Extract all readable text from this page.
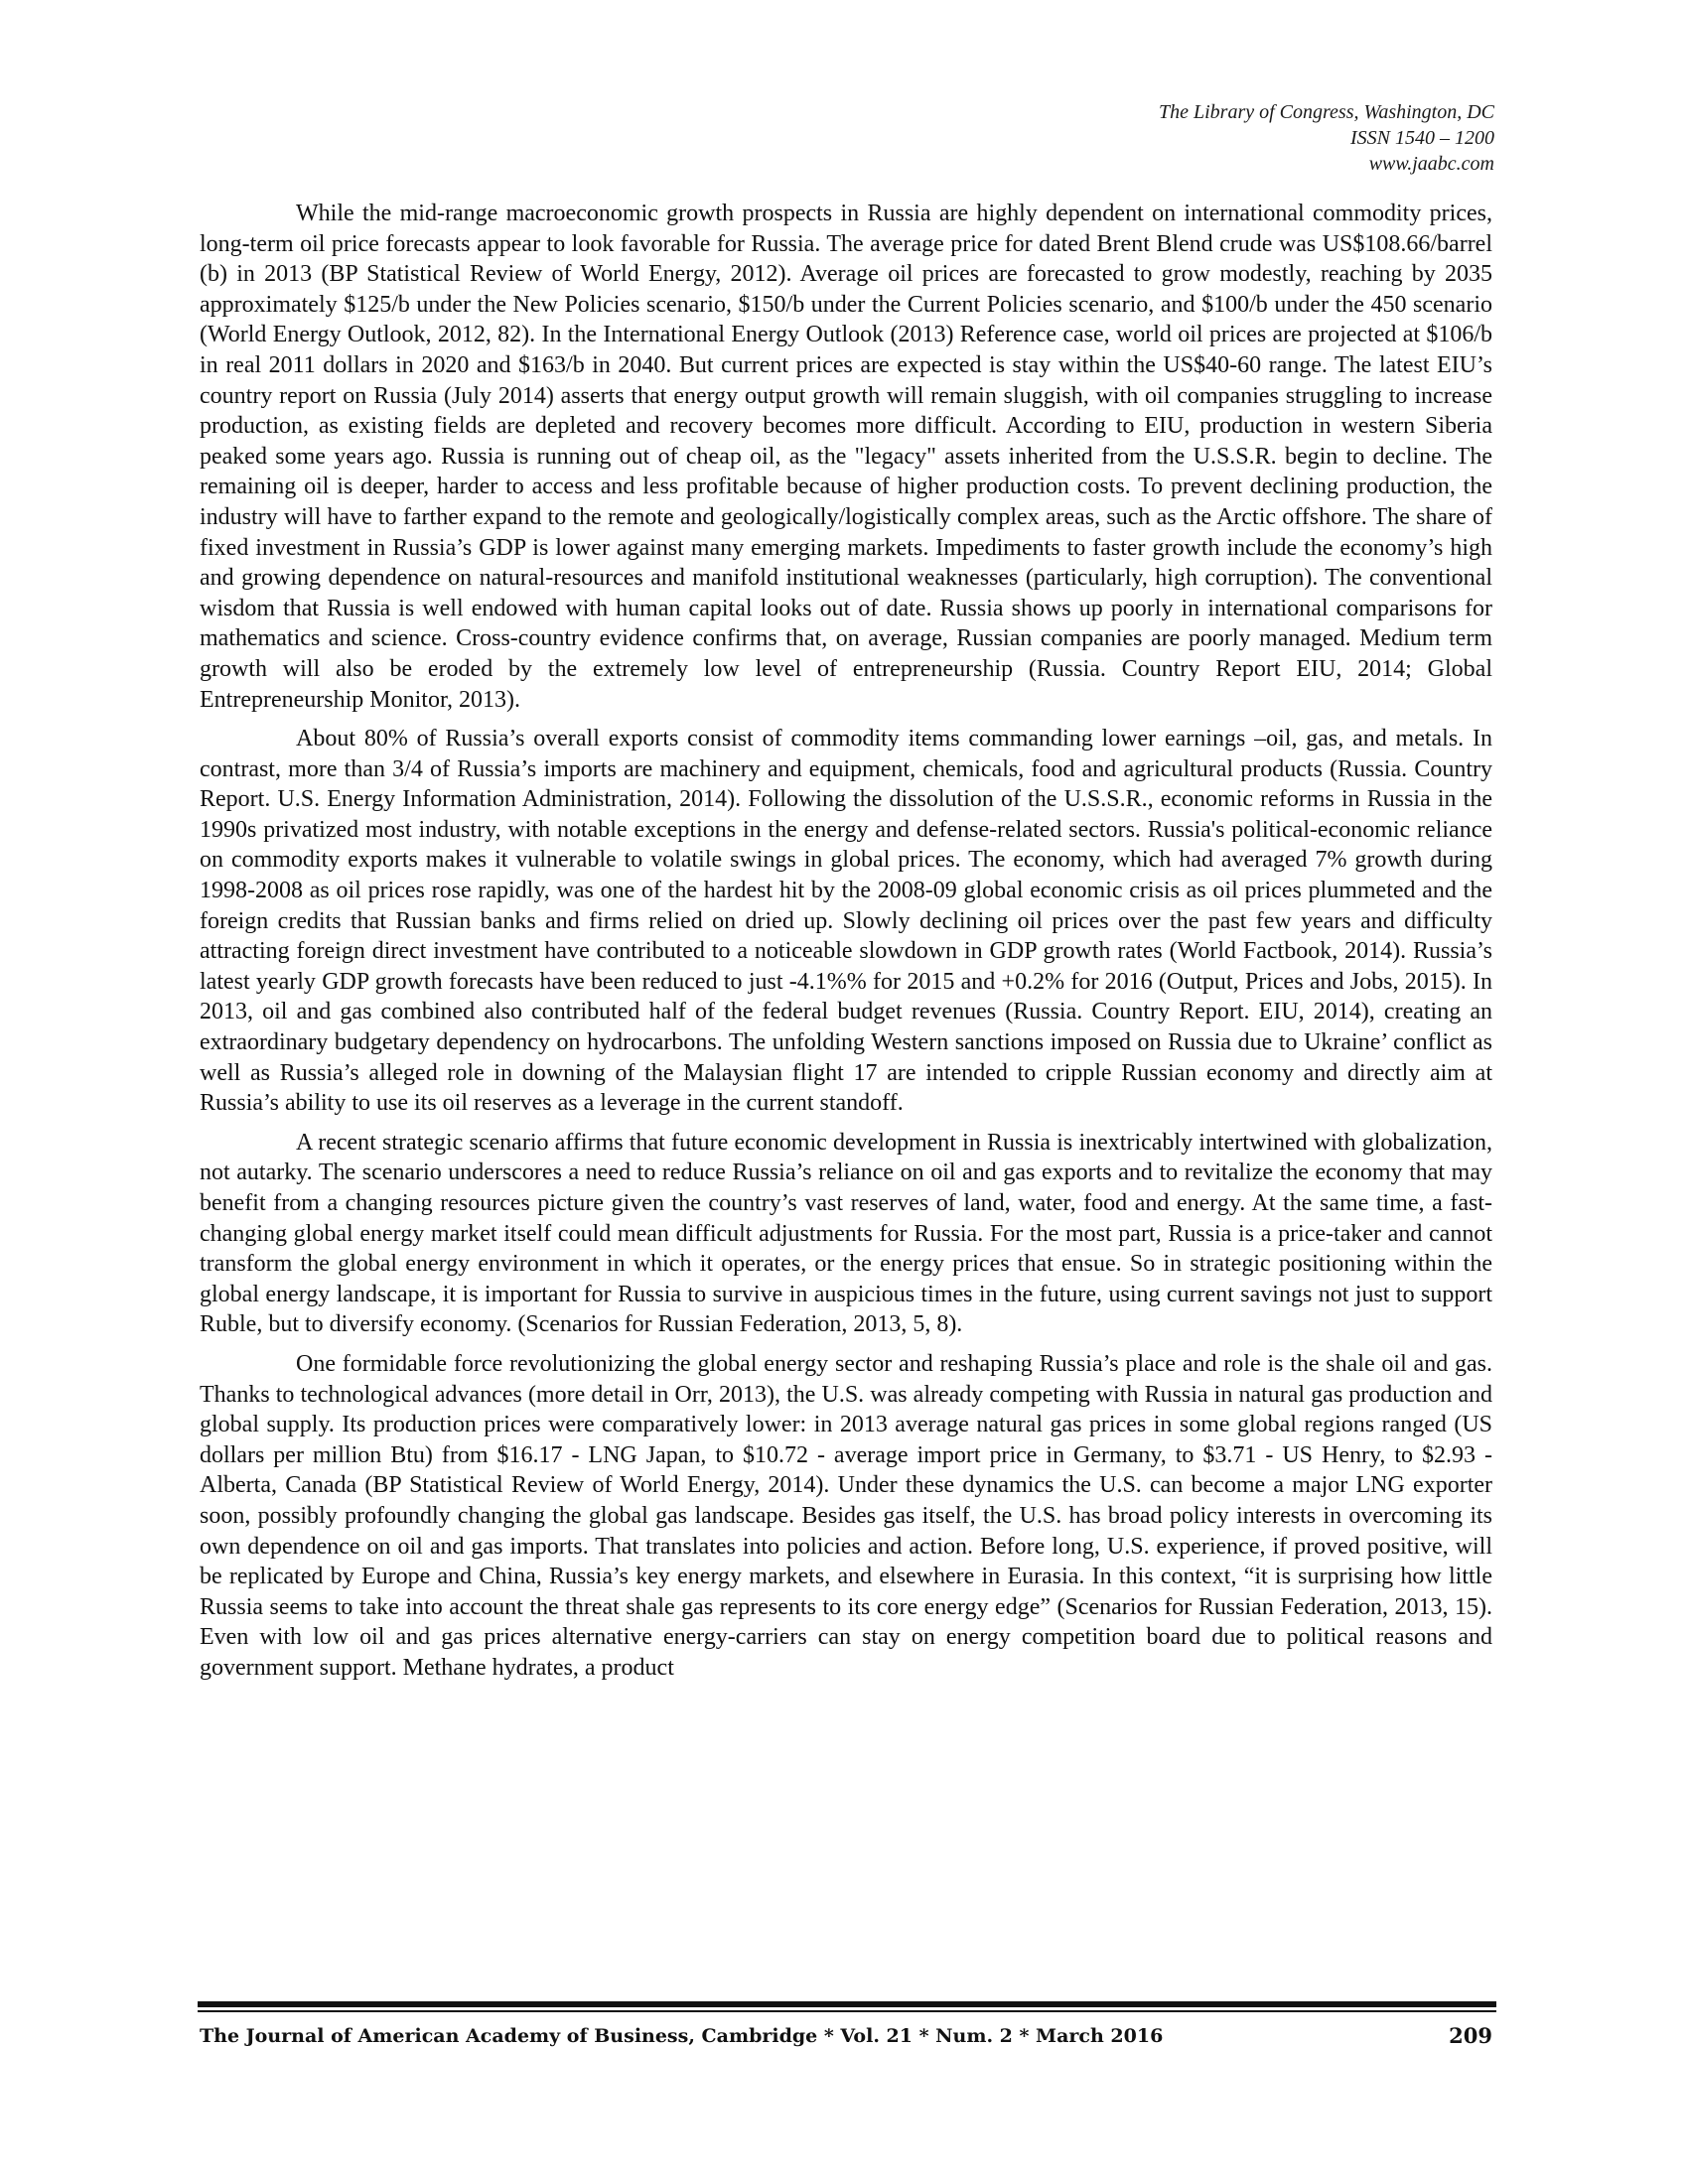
The Library of Congress, Washington, DC
ISSN 1540 – 1200
www.jaabc.com

While the mid-range macroeconomic growth prospects in Russia are highly dependent on international commodity prices, long-term oil price forecasts appear to look favorable for Russia. The average price for dated Brent Blend crude was US$108.66/barrel (b) in 2013 (BP Statistical Review of World Energy, 2012). Average oil prices are forecasted to grow modestly, reaching by 2035 approximately $125/b under the New Policies scenario, $150/b under the Current Policies scenario, and $100/b under the 450 scenario (World Energy Outlook, 2012, 82). In the International Energy Outlook (2013) Reference case, world oil prices are projected at $106/b in real 2011 dollars in 2020 and $163/b in 2040. But current prices are expected is stay within the US$40-60 range. The latest EIU’s country report on Russia (July 2014) asserts that energy output growth will remain sluggish, with oil companies struggling to increase production, as existing fields are depleted and recovery becomes more difficult. According to EIU, production in western Siberia peaked some years ago. Russia is running out of cheap oil, as the "legacy" assets inherited from the U.S.S.R. begin to decline. The remaining oil is deeper, harder to access and less profitable because of higher production costs. To prevent declining production, the industry will have to farther expand to the remote and geologically/logistically complex areas, such as the Arctic offshore. The share of fixed investment in Russia’s GDP is lower against many emerging markets. Impediments to faster growth include the economy’s high and growing dependence on natural-resources and manifold institutional weaknesses (particularly, high corruption). The conventional wisdom that Russia is well endowed with human capital looks out of date. Russia shows up poorly in international comparisons for mathematics and science. Cross-country evidence confirms that, on average, Russian companies are poorly managed. Medium term growth will also be eroded by the extremely low level of entrepreneurship (Russia. Country Report EIU, 2014; Global Entrepreneurship Monitor, 2013).

About 80% of Russia’s overall exports consist of commodity items commanding lower earnings –oil, gas, and metals. In contrast, more than 3/4 of Russia’s imports are machinery and equipment, chemicals, food and agricultural products (Russia. Country Report. U.S. Energy Information Administration, 2014). Following the dissolution of the U.S.S.R., economic reforms in Russia in the 1990s privatized most industry, with notable exceptions in the energy and defense-related sectors. Russia's political-economic reliance on commodity exports makes it vulnerable to volatile swings in global prices. The economy, which had averaged 7% growth during 1998-2008 as oil prices rose rapidly, was one of the hardest hit by the 2008-09 global economic crisis as oil prices plummeted and the foreign credits that Russian banks and firms relied on dried up. Slowly declining oil prices over the past few years and difficulty attracting foreign direct investment have contributed to a noticeable slowdown in GDP growth rates (World Factbook, 2014). Russia’s latest yearly GDP growth forecasts have been reduced to just -4.1%% for 2015 and +0.2% for 2016 (Output, Prices and Jobs, 2015). In 2013, oil and gas combined also contributed half of the federal budget revenues (Russia. Country Report. EIU, 2014), creating an extraordinary budgetary dependency on hydrocarbons. The unfolding Western sanctions imposed on Russia due to Ukraine’ conflict as well as Russia’s alleged role in downing of the Malaysian flight 17 are intended to cripple Russian economy and directly aim at Russia’s ability to use its oil reserves as a leverage in the current standoff.

A recent strategic scenario affirms that future economic development in Russia is inextricably intertwined with globalization, not autarky. The scenario underscores a need to reduce Russia’s reliance on oil and gas exports and to revitalize the economy that may benefit from a changing resources picture given the country’s vast reserves of land, water, food and energy. At the same time, a fast-changing global energy market itself could mean difficult adjustments for Russia. For the most part, Russia is a price-taker and cannot transform the global energy environment in which it operates, or the energy prices that ensue. So in strategic positioning within the global energy landscape, it is important for Russia to survive in auspicious times in the future, using current savings not just to support Ruble, but to diversify economy. (Scenarios for Russian Federation, 2013, 5, 8).

One formidable force revolutionizing the global energy sector and reshaping Russia’s place and role is the shale oil and gas. Thanks to technological advances (more detail in Orr, 2013), the U.S. was already competing with Russia in natural gas production and global supply. Its production prices were comparatively lower: in 2013 average natural gas prices in some global regions ranged (US dollars per million Btu) from $16.17 - LNG Japan, to $10.72 - average import price in Germany, to $3.71 - US Henry, to $2.93 - Alberta, Canada (BP Statistical Review of World Energy, 2014). Under these dynamics the U.S. can become a major LNG exporter soon, possibly profoundly changing the global gas landscape. Besides gas itself, the U.S. has broad policy interests in overcoming its own dependence on oil and gas imports. That translates into policies and action. Before long, U.S. experience, if proved positive, will be replicated by Europe and China, Russia’s key energy markets, and elsewhere in Eurasia. In this context, “it is surprising how little Russia seems to take into account the threat shale gas represents to its core energy edge” (Scenarios for Russian Federation, 2013, 15). Even with low oil and gas prices alternative energy-carriers can stay on energy competition board due to political reasons and government support. Methane hydrates, a product

The Journal of American Academy of Business, Cambridge * Vol. 21 * Num. 2 * March 2016	209
